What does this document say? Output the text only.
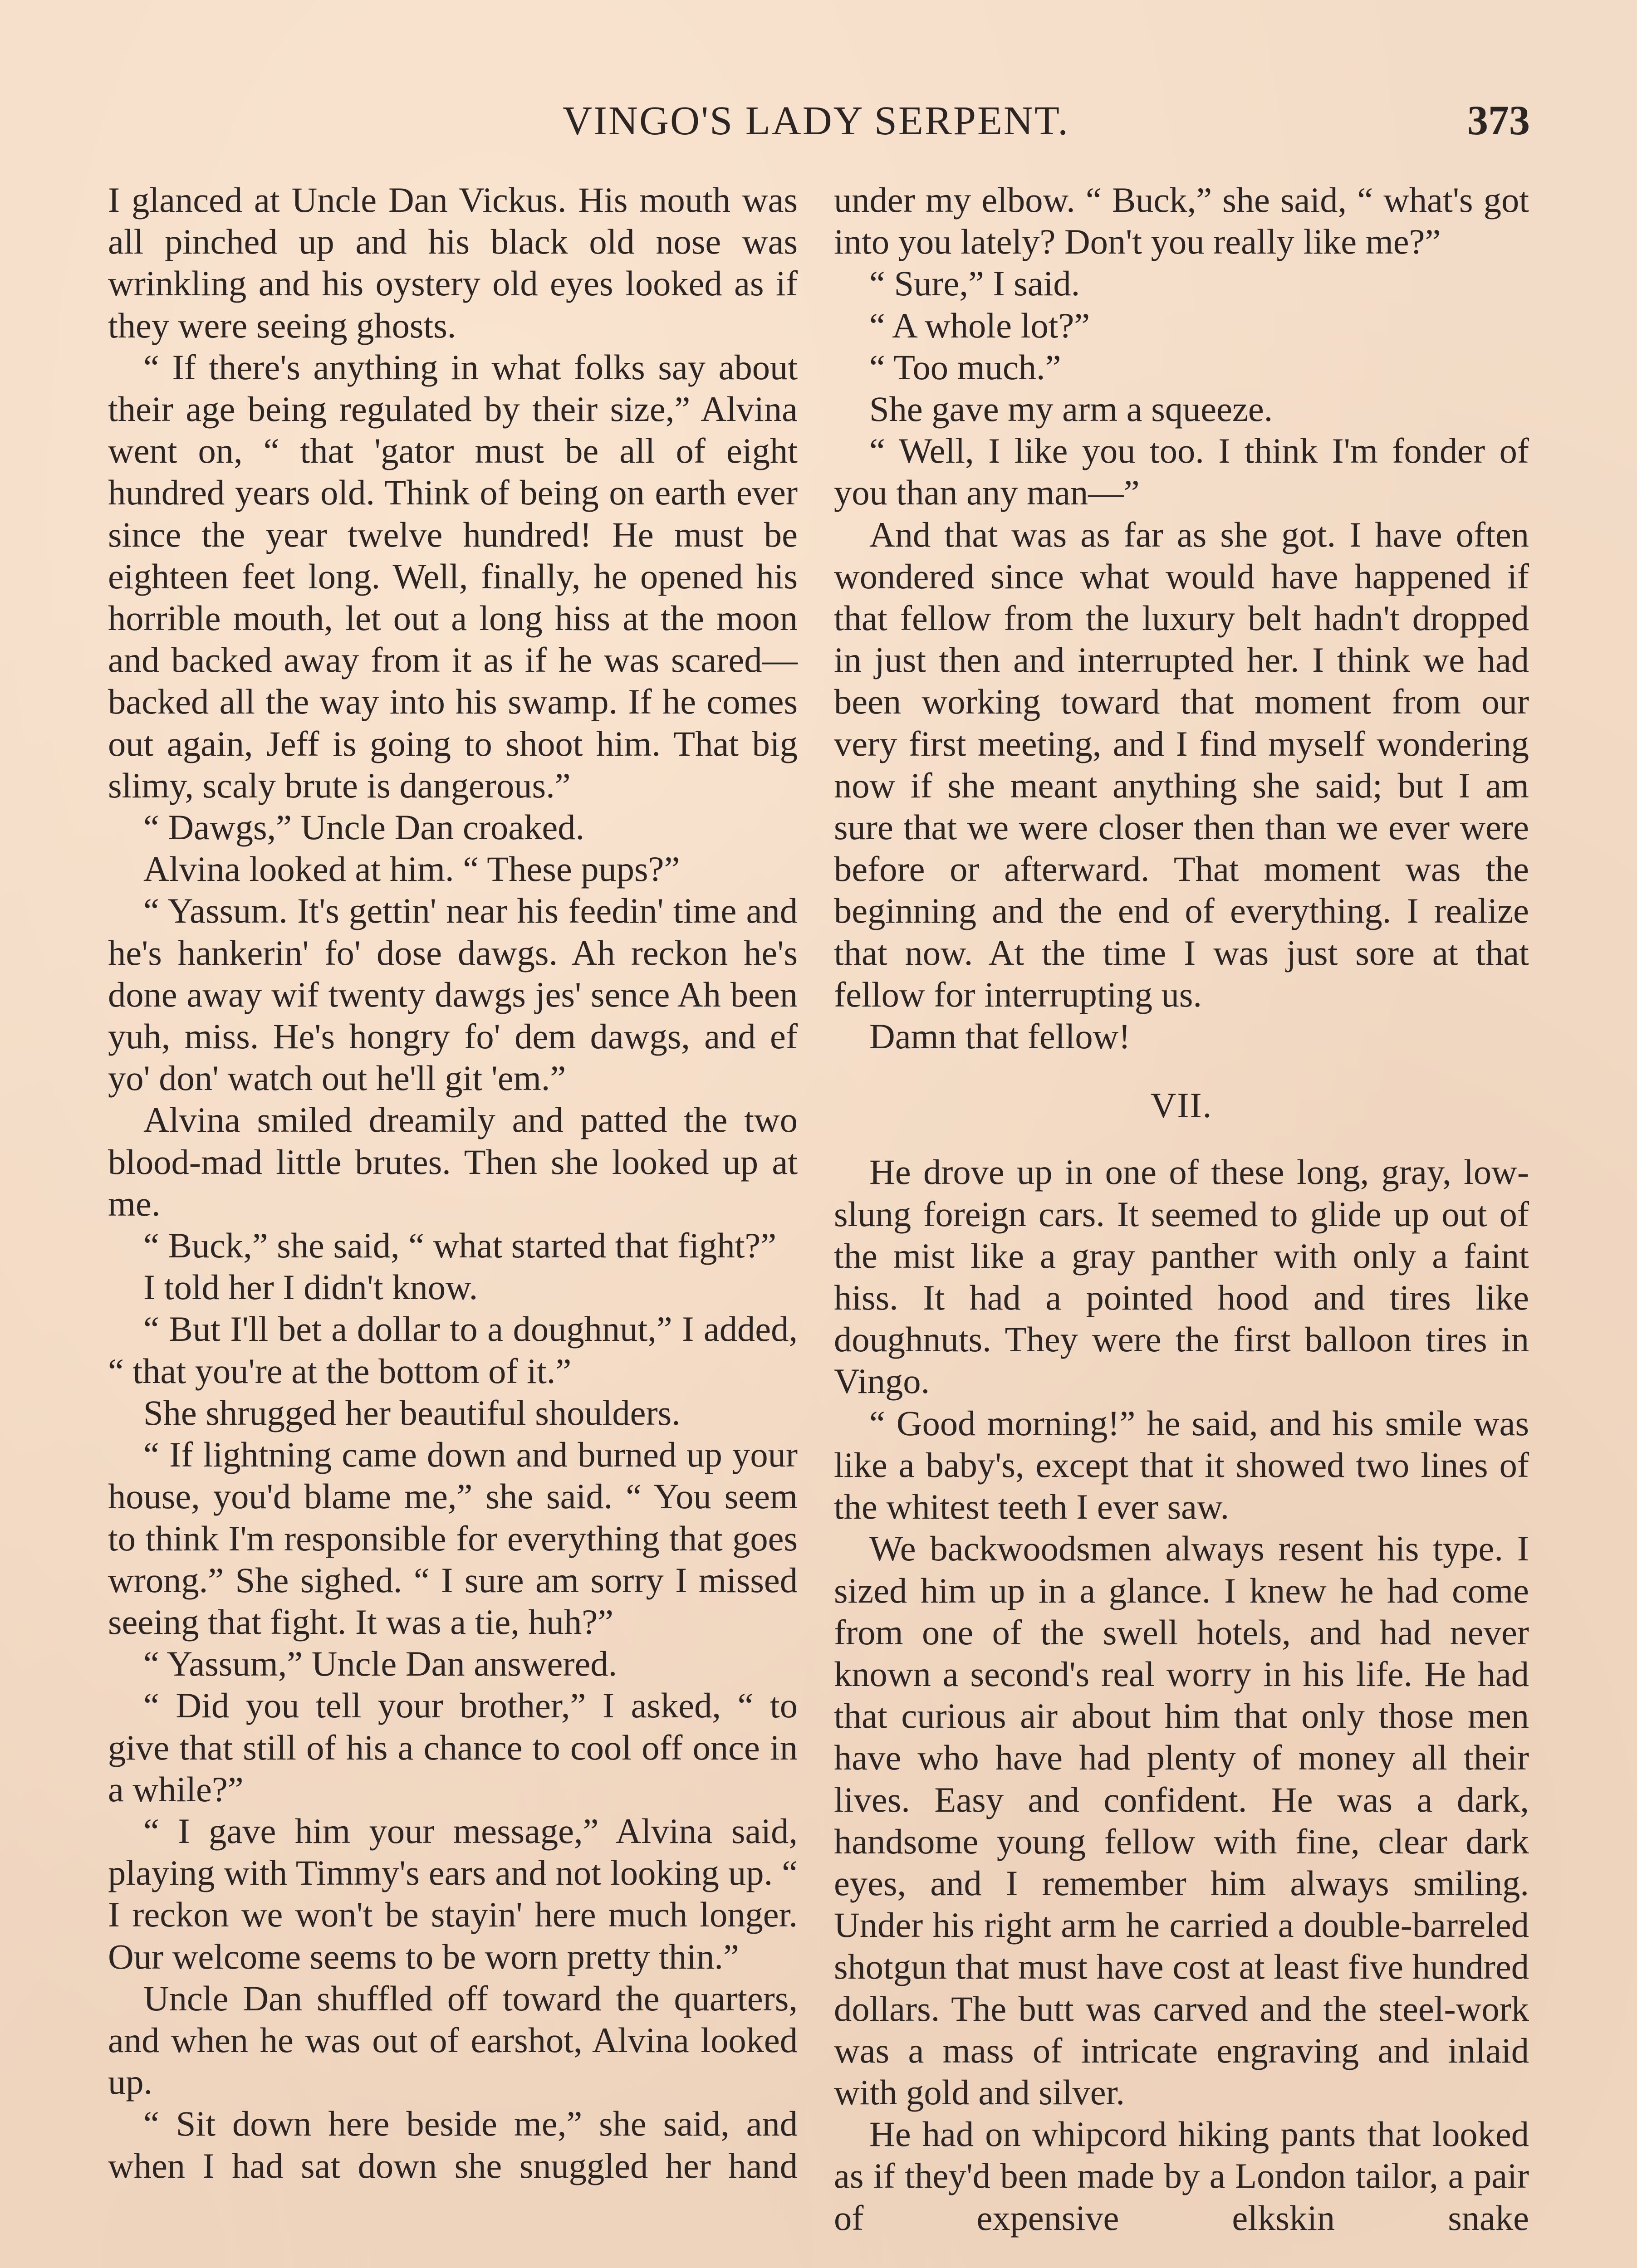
VINGO'S LADY SERPENT.	373

I glanced at Uncle Dan Vickus. His mouth was all pinched up and his black old nose was wrinkling and his oystery old eyes looked as if they were seeing ghosts.

“ If there's anything in what folks say about their age being regulated by their size,” Alvina went on, “ that 'gator must be all of eight hundred years old. Think of being on earth ever since the year twelve hundred! He must be eighteen feet long. Well, finally, he opened his horrible mouth, let out a long hiss at the moon and backed away from it as if he was scared—backed all the way into his swamp. If he comes out again, Jeff is going to shoot him. That big slimy, scaly brute is dangerous.”

“ Dawgs,” Uncle Dan croaked.

Alvina looked at him. “ These pups?”

“ Yassum. It's gettin' near his feedin' time and he's hankerin' fo' dose dawgs. Ah reckon he's done away wif twenty dawgs jes' sence Ah been yuh, miss. He's hongry fo' dem dawgs, and ef yo' don' watch out he'll git 'em.”

Alvina smiled dreamily and patted the two blood-mad little brutes. Then she looked up at me.

“ Buck,” she said, “ what started that fight?”

I told her I didn't know.

“ But I'll bet a dollar to a doughnut,” I added, “ that you're at the bottom of it.”

She shrugged her beautiful shoulders.

“ If lightning came down and burned up your house, you'd blame me,” she said. “ You seem to think I'm responsible for everything that goes wrong.” She sighed. “ I sure am sorry I missed seeing that fight. It was a tie, huh?”

“ Yassum,” Uncle Dan answered.

“ Did you tell your brother,” I asked, “ to give that still of his a chance to cool off once in a while?”

“ I gave him your message,” Alvina said, playing with Timmy's ears and not looking up. “ I reckon we won't be stayin' here much longer. Our welcome seems to be worn pretty thin.”

Uncle Dan shuffled off toward the quarters, and when he was out of earshot, Alvina looked up.

“ Sit down here beside me,” she said, and when I had sat down she snuggled her hand

under my elbow. “ Buck,” she said, “ what's got into you lately? Don't you really like me?”

“ Sure,” I said.

“ A whole lot?”

“ Too much.”

She gave my arm a squeeze.

“ Well, I like you too. I think I'm fonder of you than any man—”

And that was as far as she got. I have often wondered since what would have happened if that fellow from the luxury belt hadn't dropped in just then and interrupted her. I think we had been working toward that moment from our very first meeting, and I find myself wondering now if she meant anything she said; but I am sure that we were closer then than we ever were before or afterward. That moment was the beginning and the end of everything. I realize that now. At the time I was just sore at that fellow for interrupting us.

Damn that fellow!

VII.

He drove up in one of these long, gray, low-slung foreign cars. It seemed to glide up out of the mist like a gray panther with only a faint hiss. It had a pointed hood and tires like doughnuts. They were the first balloon tires in Vingo.

“ Good morning!” he said, and his smile was like a baby's, except that it showed two lines of the whitest teeth I ever saw.

We backwoodsmen always resent his type. I sized him up in a glance. I knew he had come from one of the swell hotels, and had never known a second's real worry in his life. He had that curious air about him that only those men have who have had plenty of money all their lives. Easy and confident. He was a dark, handsome young fellow with fine, clear dark eyes, and I remember him always smiling. Under his right arm he carried a double-barreled shotgun that must have cost at least five hundred dollars. The butt was carved and the steel-work was a mass of intricate engraving and inlaid with gold and silver.

He had on whipcord hiking pants that looked as if they'd been made by a London tailor, a pair of expensive elkskin snake
